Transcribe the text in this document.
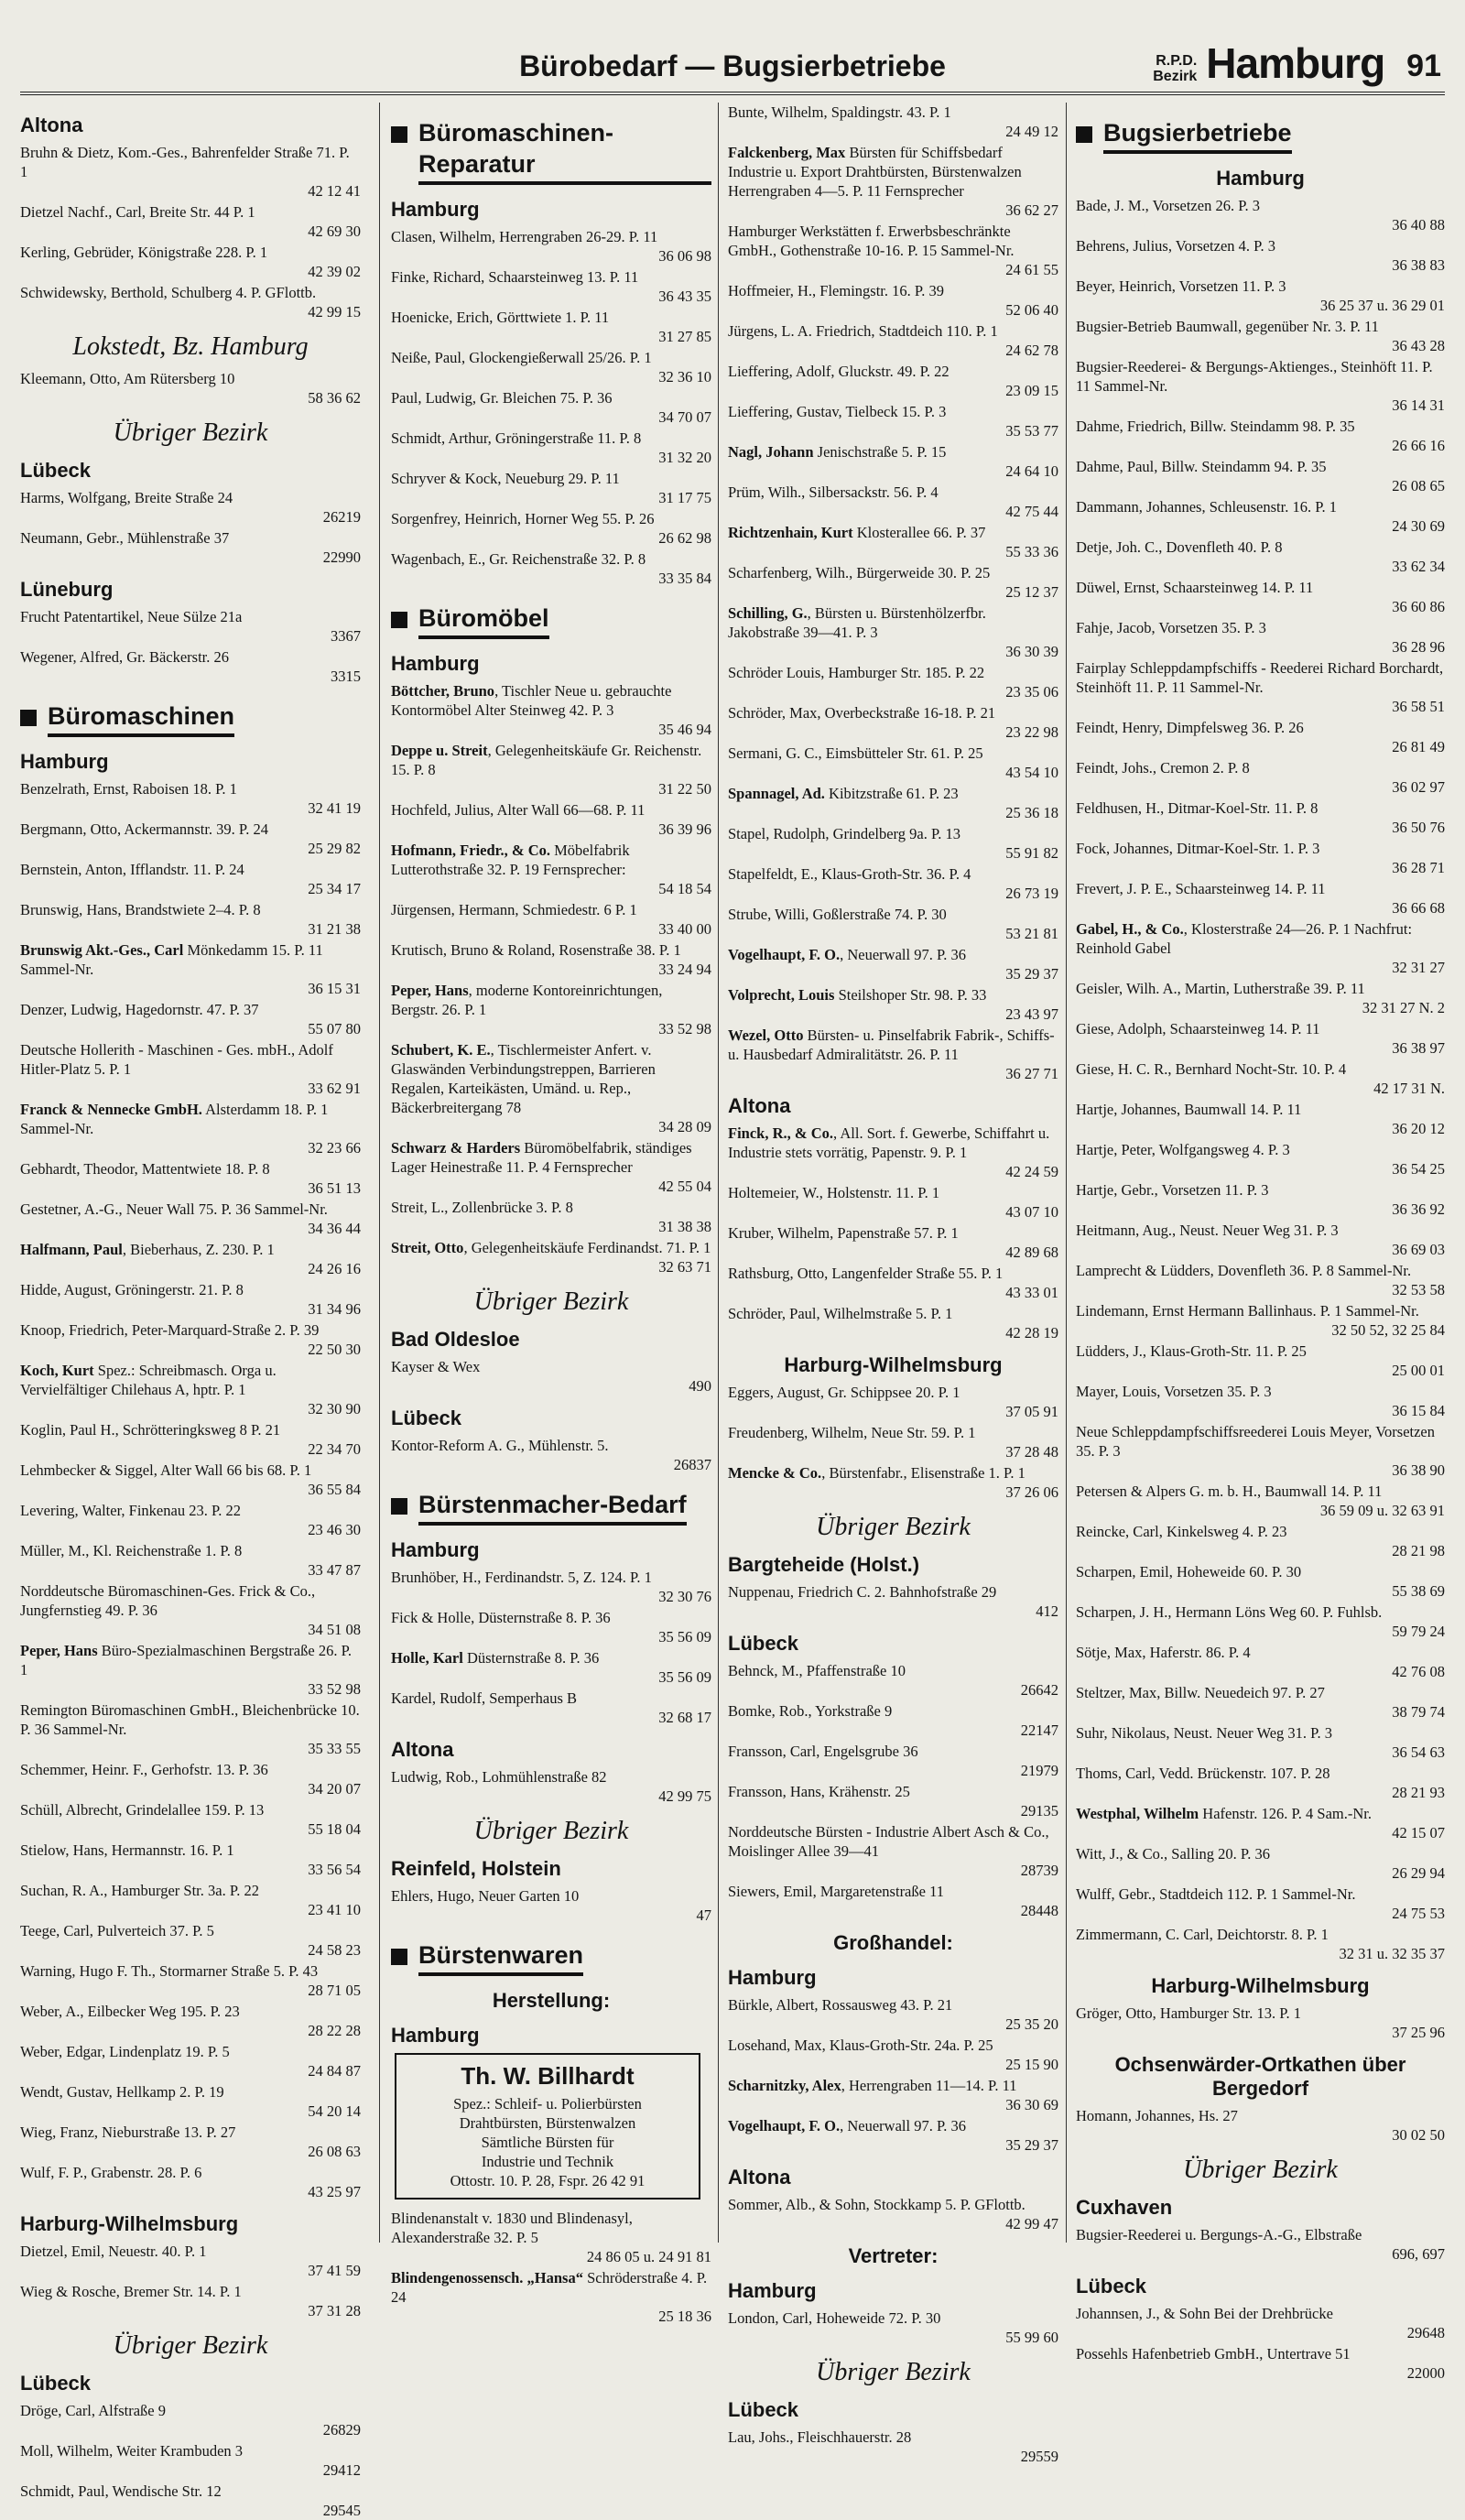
Bürobedarf — Bugsierbetriebe	R.P.D.
Bezirk Hamburg 91
Altona
Bruhn & Dietz, Kom.-Ges., Bahrenfelder Straße 71. P. 1
42 12 41
Dietzel Nachf., Carl, Breite Str. 44 P. 1
42 69 30
Kerling, Gebrüder, Königstraße 228. P. 1
42 39 02
Schwidewsky, Berthold, Schulberg 4. P. GFlottb.
42 99 15
Lokstedt, Bz. Hamburg
Kleemann, Otto, Am Rütersberg 10
58 36 62
Übriger Bezirk
Lübeck
Harms, Wolfgang, Breite Straße 24
26219
Neumann, Gebr., Mühlenstraße 37
22990
Lüneburg
Frucht Patentartikel, Neue Sülze 21a
3367
Wegener, Alfred, Gr. Bäckerstr. 26
3315
Büromaschinen
Hamburg
Benzelrath, Ernst, Raboisen 18. P. 1
32 41 19
Bergmann, Otto, Ackermannstr. 39. P. 24
25 29 82
Bernstein, Anton, Ifflandstr. 11. P. 24
25 34 17
Brunswig, Hans, Brandstwiete 2–4. P. 8
31 21 38
Brunswig Akt.-Ges., Carl Mönkedamm 15. P. 11 Sammel-Nr.
36 15 31
Denzer, Ludwig, Hagedornstr. 47. P. 37
55 07 80
Deutsche Hollerith - Maschinen - Ges. mbH., Adolf Hitler-Platz 5. P. 1
33 62 91
Franck & Nennecke GmbH. Alsterdamm 18. P. 1 Sammel-Nr.
32 23 66
Gebhardt, Theodor, Mattentwiete 18. P. 8
36 51 13
Gestetner, A.-G., Neuer Wall 75. P. 36 Sammel-Nr.
34 36 44
Halfmann, Paul, Bieberhaus, Z. 230. P. 1
24 26 16
Hidde, August, Gröningerstr. 21. P. 8
31 34 96
Knoop, Friedrich, Peter-Marquard-Straße 2. P. 39
22 50 30
Koch, Kurt Spez.: Schreibmasch. Orga u. Vervielfältiger Chilehaus A, hptr. P. 1
32 30 90
Koglin, Paul H., Schrötteringksweg 8 P. 21
22 34 70
Lehmbecker & Siggel, Alter Wall 66 bis 68. P. 1
36 55 84
Levering, Walter, Finkenau 23. P. 22
23 46 30
Müller, M., Kl. Reichenstraße 1. P. 8
33 47 87
Norddeutsche Büromaschinen-Ges. Frick & Co., Jungfernstieg 49. P. 36
34 51 08
Peper, Hans Büro-Spezialmaschinen Bergstraße 26. P. 1
33 52 98
Remington Büromaschinen GmbH., Bleichenbrücke 10. P. 36 Sammel-Nr.
35 33 55
Schemmer, Heinr. F., Gerhofstr. 13. P. 36
34 20 07
Schüll, Albrecht, Grindelallee 159. P. 13
55 18 04
Stielow, Hans, Hermannstr. 16. P. 1
33 56 54
Suchan, R. A., Hamburger Str. 3a. P. 22
23 41 10
Teege, Carl, Pulverteich 37. P. 5
24 58 23
Warning, Hugo F. Th., Stormarner Straße 5. P. 43
28 71 05
Weber, A., Eilbecker Weg 195. P. 23
28 22 28
Weber, Edgar, Lindenplatz 19. P. 5
24 84 87
Wendt, Gustav, Hellkamp 2. P. 19
54 20 14
Wieg, Franz, Nieburstraße 13. P. 27
26 08 63
Wulf, F. P., Grabenstr. 28. P. 6
43 25 97
Harburg-Wilhelmsburg
Dietzel, Emil, Neuestr. 40. P. 1
37 41 59
Wieg & Rosche, Bremer Str. 14. P. 1
37 31 28
Übriger Bezirk
Lübeck
Dröge, Carl, Alfstraße 9
26829
Moll, Wilhelm, Weiter Krambuden 3
29412
Schmidt, Paul, Wendische Str. 12
29545
Büromaschinen-Reparatur
Hamburg
Clasen, Wilhelm, Herrengraben 26-29. P. 11
36 06 98
Finke, Richard, Schaarsteinweg 13. P. 11
36 43 35
Hoenicke, Erich, Görttwiete 1. P. 11
31 27 85
Neiße, Paul, Glockengießerwall 25/26. P. 1
32 36 10
Paul, Ludwig, Gr. Bleichen 75. P. 36
34 70 07
Schmidt, Arthur, Gröningerstraße 11. P. 8
31 32 20
Schryver & Kock, Neueburg 29. P. 11
31 17 75
Sorgenfrey, Heinrich, Horner Weg 55. P. 26
26 62 98
Wagenbach, E., Gr. Reichenstraße 32. P. 8
33 35 84
Büromöbel
Hamburg
Böttcher, Bruno, Tischler Neue u. gebrauchte Kontormöbel Alter Steinweg 42. P. 3
35 46 94
Deppe u. Streit, Gelegenheitskäufe Gr. Reichenstr. 15. P. 8
31 22 50
Hochfeld, Julius, Alter Wall 66—68. P. 11
36 39 96
Hofmann, Friedr., & Co. Möbelfabrik Lutterothstraße 32. P. 19 Fernsprecher:
54 18 54
Jürgensen, Hermann, Schmiedestr. 6 P. 1
33 40 00
Krutisch, Bruno & Roland, Rosenstraße 38. P. 1
33 24 94
Peper, Hans, moderne Kontoreinrichtungen, Bergstr. 26. P. 1
33 52 98
Schubert, K. E., Tischlermeister Anfert. v. Glaswänden Verbindungstreppen, Barrieren Regalen, Karteikästen, Umänd. u. Rep., Bäckerbreitergang 78
34 28 09
Schwarz & Harders Büromöbelfabrik, ständiges Lager Heinestraße 11. P. 4 Fernsprecher
42 55 04
Streit, L., Zollenbrücke 3. P. 8
31 38 38
Streit, Otto, Gelegenheitskäufe Ferdinandst. 71. P. 1
32 63 71
Übriger Bezirk
Bad Oldesloe
Kayser & Wex
490
Lübeck
Kontor-Reform A. G., Mühlenstr. 5.
26837
Bürstenmacher-Bedarf
Hamburg
Brunhöber, H., Ferdinandstr. 5, Z. 124. P. 1
32 30 76
Fick & Holle, Düsternstraße 8. P. 36
35 56 09
Holle, Karl Düsternstraße 8. P. 36
35 56 09
Kardel, Rudolf, Semperhaus B
32 68 17
Altona
Ludwig, Rob., Lohmühlenstraße 82
42 99 75
Übriger Bezirk
Reinfeld, Holstein
Ehlers, Hugo, Neuer Garten 10
47
Bürstenwaren
Herstellung:
Hamburg
Th. W. Billhardt
Spez.: Schleif- u. Polierbürsten
Drahtbürsten, Bürstenwalzen
Sämtliche Bürsten für
Industrie und Technik
Ottostr. 10. P. 28, Fspr. 26 42 91
Blindenanstalt v. 1830 und Blindenasyl, Alexanderstraße 32. P. 5
24 86 05 u. 24 91 81
Blindengenossensch. „Hansa“ Schröderstraße 4. P. 24
25 18 36
Bunte, Wilhelm, Spaldingstr. 43. P. 1
24 49 12
Falckenberg, Max Bürsten für Schiffsbedarf Industrie u. Export Drahtbürsten, Bürstenwalzen Herrengraben 4—5. P. 11 Fernsprecher
36 62 27
Hamburger Werkstätten f. Erwerbsbeschränkte GmbH., Gothenstraße 10-16. P. 15 Sammel-Nr.
24 61 55
Hoffmeier, H., Flemingstr. 16. P. 39
52 06 40
Jürgens, L. A. Friedrich, Stadtdeich 110. P. 1
24 62 78
Lieffering, Adolf, Gluckstr. 49. P. 22
23 09 15
Lieffering, Gustav, Tielbeck 15. P. 3
35 53 77
Nagl, Johann Jenischstraße 5. P. 15
24 64 10
Prüm, Wilh., Silbersackstr. 56. P. 4
42 75 44
Richtzenhain, Kurt Klosterallee 66. P. 37
55 33 36
Scharfenberg, Wilh., Bürgerweide 30. P. 25
25 12 37
Schilling, G., Bürsten u. Bürstenhölzerfbr. Jakobstraße 39—41. P. 3
36 30 39
Schröder Louis, Hamburger Str. 185. P. 22
23 35 06
Schröder, Max, Overbeckstraße 16-18. P. 21
23 22 98
Sermani, G. C., Eimsbütteler Str. 61. P. 25
43 54 10
Spannagel, Ad. Kibitzstraße 61. P. 23
25 36 18
Stapel, Rudolph, Grindelberg 9a. P. 13
55 91 82
Stapelfeldt, E., Klaus-Groth-Str. 36. P. 4
26 73 19
Strube, Willi, Goßlerstraße 74. P. 30
53 21 81
Vogelhaupt, F. O., Neuerwall 97. P. 36
35 29 37
Volprecht, Louis Steilshoper Str. 98. P. 33
23 43 97
Wezel, Otto Bürsten- u. Pinselfabrik Fabrik-, Schiffs- u. Hausbedarf Admiralitätstr. 26. P. 11
36 27 71
Altona
Finck, R., & Co., All. Sort. f. Gewerbe, Schiffahrt u. Industrie stets vorrätig, Papenstr. 9. P. 1
42 24 59
Holtemeier, W., Holstenstr. 11. P. 1
43 07 10
Kruber, Wilhelm, Papenstraße 57. P. 1
42 89 68
Rathsburg, Otto, Langenfelder Straße 55. P. 1
43 33 01
Schröder, Paul, Wilhelmstraße 5. P. 1
42 28 19
Harburg-Wilhelmsburg
Eggers, August, Gr. Schippsee 20. P. 1
37 05 91
Freudenberg, Wilhelm, Neue Str. 59. P. 1
37 28 48
Mencke & Co., Bürstenfabr., Elisenstraße 1. P. 1
37 26 06
Übriger Bezirk
Bargteheide (Holst.)
Nuppenau, Friedrich C. 2. Bahnhofstraße 29
412
Lübeck
Behnck, M., Pfaffenstraße 10
26642
Bomke, Rob., Yorkstraße 9
22147
Fransson, Carl, Engelsgrube 36
21979
Fransson, Hans, Krähenstr. 25
29135
Norddeutsche Bürsten - Industrie Albert Asch & Co., Moislinger Allee 39—41
28739
Siewers, Emil, Margaretenstraße 11
28448
Großhandel:
Hamburg
Bürkle, Albert, Rossausweg 43. P. 21
25 35 20
Losehand, Max, Klaus-Groth-Str. 24a. P. 25
25 15 90
Scharnitzky, Alex, Herrengraben 11—14. P. 11
36 30 69
Vogelhaupt, F. O., Neuerwall 97. P. 36
35 29 37
Altona
Sommer, Alb., & Sohn, Stockkamp 5. P. GFlottb.
42 99 47
Vertreter:
Hamburg
London, Carl, Hoheweide 72. P. 30
55 99 60
Übriger Bezirk
Lübeck
Lau, Johs., Fleischhauerstr. 28
29559
Bugsierbetriebe
Hamburg
Bade, J. M., Vorsetzen 26. P. 3
36 40 88
Behrens, Julius, Vorsetzen 4. P. 3
36 38 83
Beyer, Heinrich, Vorsetzen 11. P. 3
36 25 37 u. 36 29 01
Bugsier-Betrieb Baumwall, gegenüber Nr. 3. P. 11
36 43 28
Bugsier-Reederei- & Bergungs-Aktienges., Steinhöft 11. P. 11 Sammel-Nr.
36 14 31
Dahme, Friedrich, Billw. Steindamm 98. P. 35
26 66 16
Dahme, Paul, Billw. Steindamm 94. P. 35
26 08 65
Dammann, Johannes, Schleusenstr. 16. P. 1
24 30 69
Detje, Joh. C., Dovenfleth 40. P. 8
33 62 34
Düwel, Ernst, Schaarsteinweg 14. P. 11
36 60 86
Fahje, Jacob, Vorsetzen 35. P. 3
36 28 96
Fairplay Schleppdampfschiffs - Reederei Richard Borchardt, Steinhöft 11. P. 11 Sammel-Nr.
36 58 51
Feindt, Henry, Dimpfelsweg 36. P. 26
26 81 49
Feindt, Johs., Cremon 2. P. 8
36 02 97
Feldhusen, H., Ditmar-Koel-Str. 11. P. 8
36 50 76
Fock, Johannes, Ditmar-Koel-Str. 1. P. 3
36 28 71
Frevert, J. P. E., Schaarsteinweg 14. P. 11
36 66 68
Gabel, H., & Co., Klosterstraße 24—26. P. 1 Nachfrut: Reinhold Gabel
32 31 27
Geisler, Wilh. A., Martin, Lutherstraße 39. P. 11
32 31 27 N. 2
Giese, Adolph, Schaarsteinweg 14. P. 11
36 38 97
Giese, H. C. R., Bernhard Nocht-Str. 10. P. 4
42 17 31 N.
Hartje, Johannes, Baumwall 14. P. 11
36 20 12
Hartje, Peter, Wolfgangsweg 4. P. 3
36 54 25
Hartje, Gebr., Vorsetzen 11. P. 3
36 36 92
Heitmann, Aug., Neust. Neuer Weg 31. P. 3
36 69 03
Lamprecht & Lüdders, Dovenfleth 36. P. 8 Sammel-Nr.
32 53 58
Lindemann, Ernst Hermann Ballinhaus. P. 1 Sammel-Nr.
32 50 52, 32 25 84
Lüdders, J., Klaus-Groth-Str. 11. P. 25
25 00 01
Mayer, Louis, Vorsetzen 35. P. 3
36 15 84
Neue Schleppdampfschiffsreederei Louis Meyer, Vorsetzen 35. P. 3
36 38 90
Petersen & Alpers G. m. b. H., Baumwall 14. P. 11
36 59 09 u. 32 63 91
Reincke, Carl, Kinkelsweg 4. P. 23
28 21 98
Scharpen, Emil, Hoheweide 60. P. 30
55 38 69
Scharpen, J. H., Hermann Löns Weg 60. P. Fuhlsb.
59 79 24
Sötje, Max, Haferstr. 86. P. 4
42 76 08
Steltzer, Max, Billw. Neuedeich 97. P. 27
38 79 74
Suhr, Nikolaus, Neust. Neuer Weg 31. P. 3
36 54 63
Thoms, Carl, Vedd. Brückenstr. 107. P. 28
28 21 93
Westphal, Wilhelm Hafenstr. 126. P. 4 Sam.-Nr.
42 15 07
Witt, J., & Co., Salling 20. P. 36
26 29 94
Wulff, Gebr., Stadtdeich 112. P. 1 Sammel-Nr.
24 75 53
Zimmermann, C. Carl, Deichtorstr. 8. P. 1
32 31 u. 32 35 37
Harburg-Wilhelmsburg
Gröger, Otto, Hamburger Str. 13. P. 1
37 25 96
Ochsenwärder-Ortkathen über Bergedorf
Homann, Johannes, Hs. 27
30 02 50
Übriger Bezirk
Cuxhaven
Bugsier-Reederei u. Bergungs-A.-G., Elbstraße
696, 697
Lübeck
Johannsen, J., & Sohn Bei der Drehbrücke
29648
Possehls Hafenbetrieb GmbH., Untertrave 51
22000
